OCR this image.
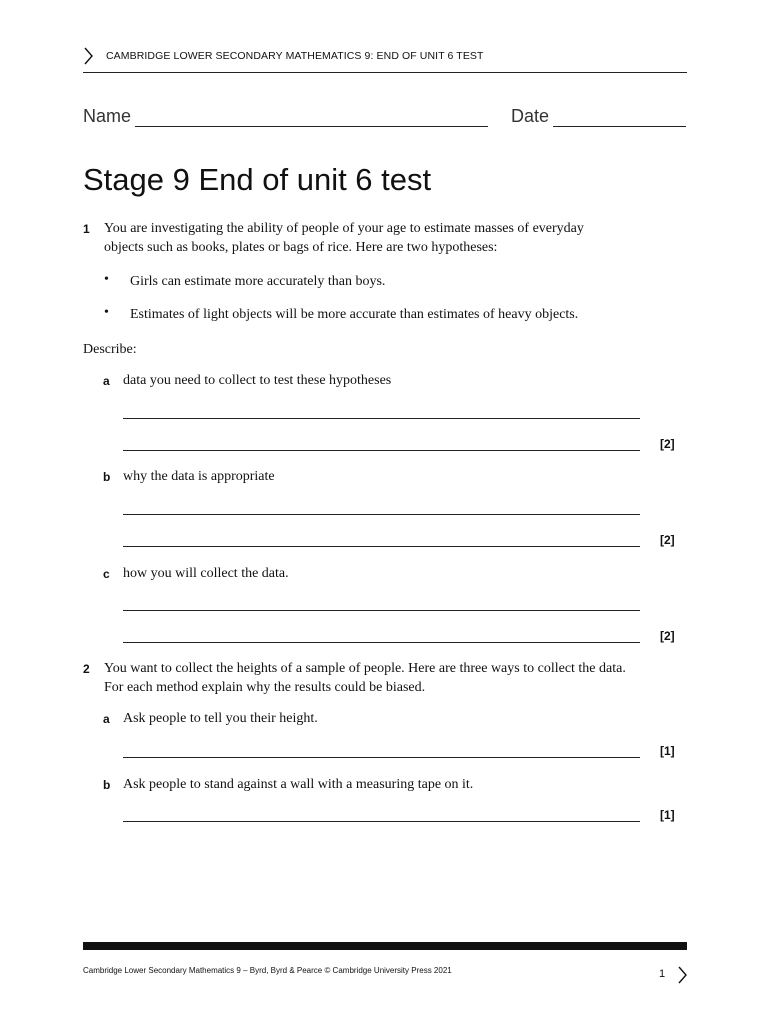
CAMBRIDGE LOWER SECONDARY MATHEMATICS 9: END OF UNIT 6 TEST
Name	Date
Stage 9 End of unit 6 test
1 You are investigating the ability of people of your age to estimate masses of everyday
objects such as books, plates or bags of rice. Here are two hypotheses:
• Girls can estimate more accurately than boys.
• Estimates of light objects will be more accurate than estimates of heavy objects.
Describe:
a data you need to collect to test these hypotheses
[2]
b why the data is appropriate
[2]
c how you will collect the data.
[2]
2 You want to collect the heights of a sample of people. Here are three ways to collect the data.
For each method explain why the results could be biased.
a Ask people to tell you their height.
[1]
b Ask people to stand against a wall with a measuring tape on it.
[1]
Cambridge Lower Secondary Mathematics 9 – Byrd, Byrd & Pearce © Cambridge University Press 2021	1
